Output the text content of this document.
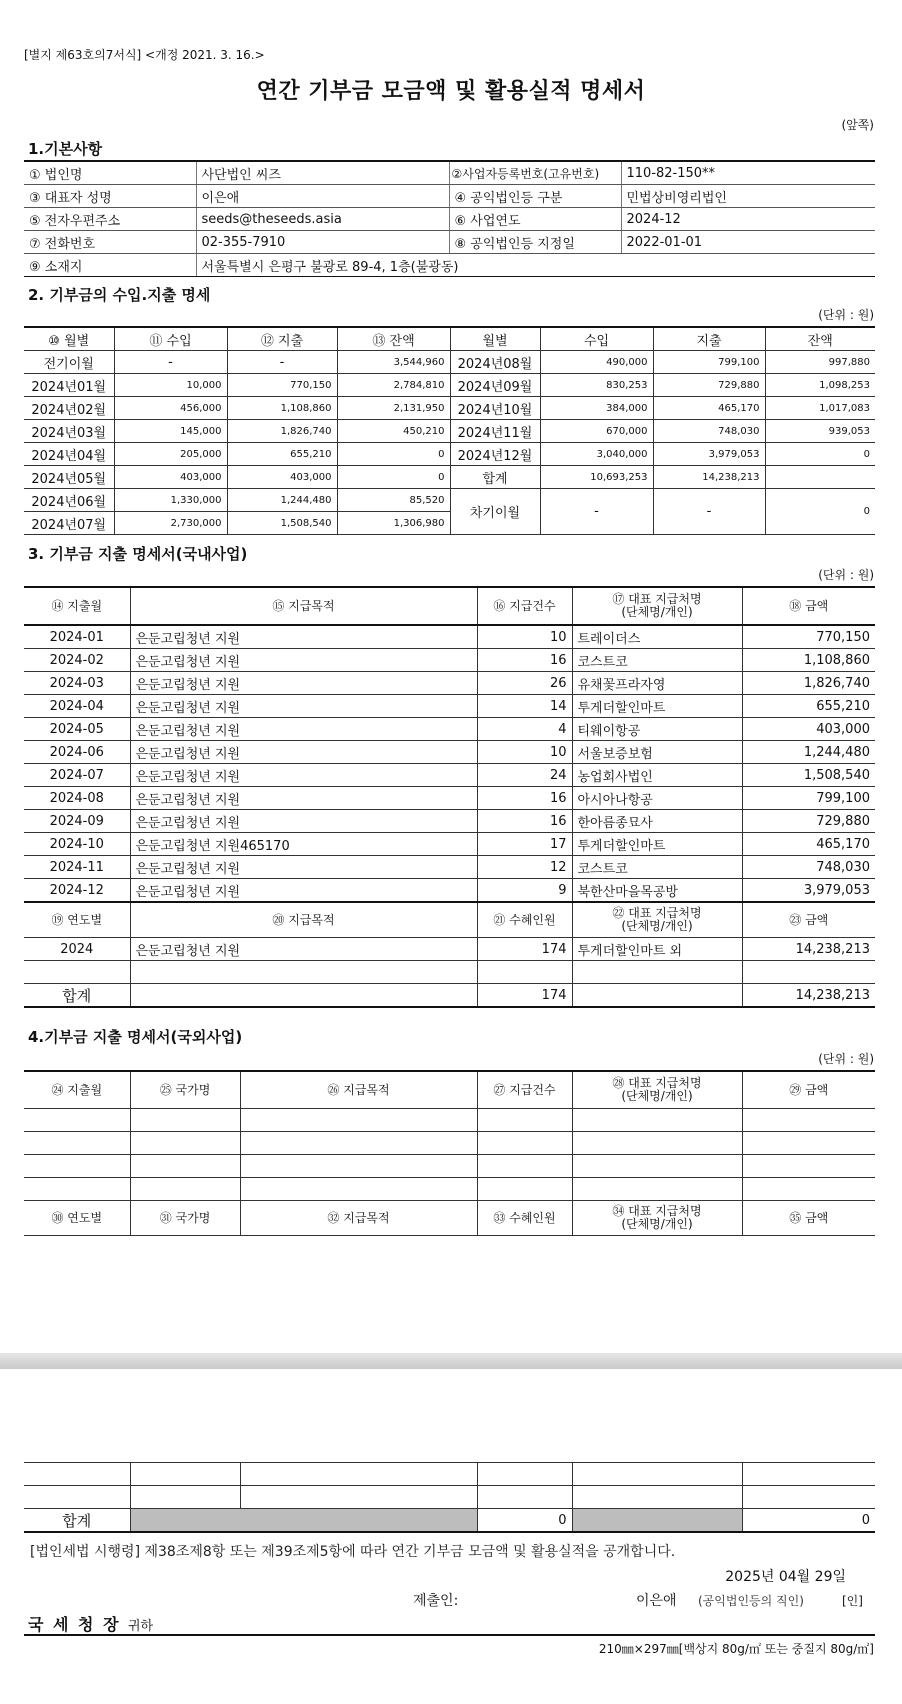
[별지 제63호의7서식] <개정 2021. 3. 16.>
연간 기부금 모금액 및 활용실적 명세서
(앞쪽)
1.기본사항
① 법인명	사단법인 씨즈	②사업자등록번호(고유번호)	110-82-150**
③ 대표자 성명	이은애	④ 공익법인등 구분	민법상비영리법인
⑤ 전자우편주소	seeds@theseeds.asia	⑥ 사업연도	2024-12
⑦ 전화번호	02-355-7910	⑧ 공익법인등 지정일	2022-01-01
⑨ 소재지	서울특별시 은평구 불광로 89-4, 1층(불광동)		
2. 기부금의 수입.지출 명세
(단위 : 원)
⑩ 월별	⑪ 수입	⑫ 지출	⑬ 잔액	월별	수입	지출	잔액
전기이월	-	-	3,544,960	2024년08월	490,000	799,100	997,880
2024년01월	10,000	770,150	2,784,810	2024년09월	830,253	729,880	1,098,253
2024년02월	456,000	1,108,860	2,131,950	2024년10월	384,000	465,170	1,017,083
2024년03월	145,000	1,826,740	450,210	2024년11월	670,000	748,030	939,053
2024년04월	205,000	655,210	0	2024년12월	3,040,000	3,979,053	0
2024년05월	403,000	403,000	0	합계	10,693,253	14,238,213	
2024년06월	1,330,000	1,244,480	85,520	차기이월	-	-	0
2024년07월	2,730,000	1,508,540	1,306,980				
3. 기부금 지출 명세서(국내사업)
(단위 : 원)
⑭ 지출월	⑮ 지급목적	⑯ 지급건수	⑰ 대표 지급처명
(단체명/개인)	⑱ 금액
2024-01	은둔고립청년 지원	10	트레이더스	770,150
2024-02	은둔고립청년 지원	16	코스트코	1,108,860
2024-03	은둔고립청년 지원	26	유채꽃프라자영	1,826,740
2024-04	은둔고립청년 지원	14	투게더할인마트	655,210
2024-05	은둔고립청년 지원	4	티웨이항공	403,000
2024-06	은둔고립청년 지원	10	서울보증보험	1,244,480
2024-07	은둔고립청년 지원	24	농업회사법인	1,508,540
2024-08	은둔고립청년 지원	16	아시아나항공	799,100
2024-09	은둔고립청년 지원	16	한아름종묘사	729,880
2024-10	은둔고립청년 지원465170	17	투게더할인마트	465,170
2024-11	은둔고립청년 지원	12	코스트코	748,030
2024-12	은둔고립청년 지원	9	북한산마을목공방	3,979,053
⑲ 연도별	⑳ 지급목적	㉑ 수혜인원	㉒ 대표 지급처명
(단체명/개인)	㉓ 금액
2024	은둔고립청년 지원	174	투게더할인마트 외	14,238,213

합계		174		14,238,213
4.기부금 지출 명세서(국외사업)
(단위 : 원)
㉔ 지출월	㉕ 국가명	㉖ 지급목적	㉗ 지급건수	㉘ 대표 지급처명
(단체명/개인)	㉙ 금액

㉚ 연도별	㉛ 국가명	㉜ 지급목적	㉝ 수혜인원	㉞ 대표 지급처명
(단체명/개인)	㉟ 금액

합계			0		0
[법인세법 시행령] 제38조제8항 또는 제39조제5항에 따라 연간 기부금 모금액 및 활용실적을 공개합니다.
2025년 04월 29일
제출인:	이은애 (공익법인등의 직인)	[인]
국 세 청 장 귀하
210㎜×297㎜[백상지 80g/㎡ 또는 중질지 80g/㎡]
